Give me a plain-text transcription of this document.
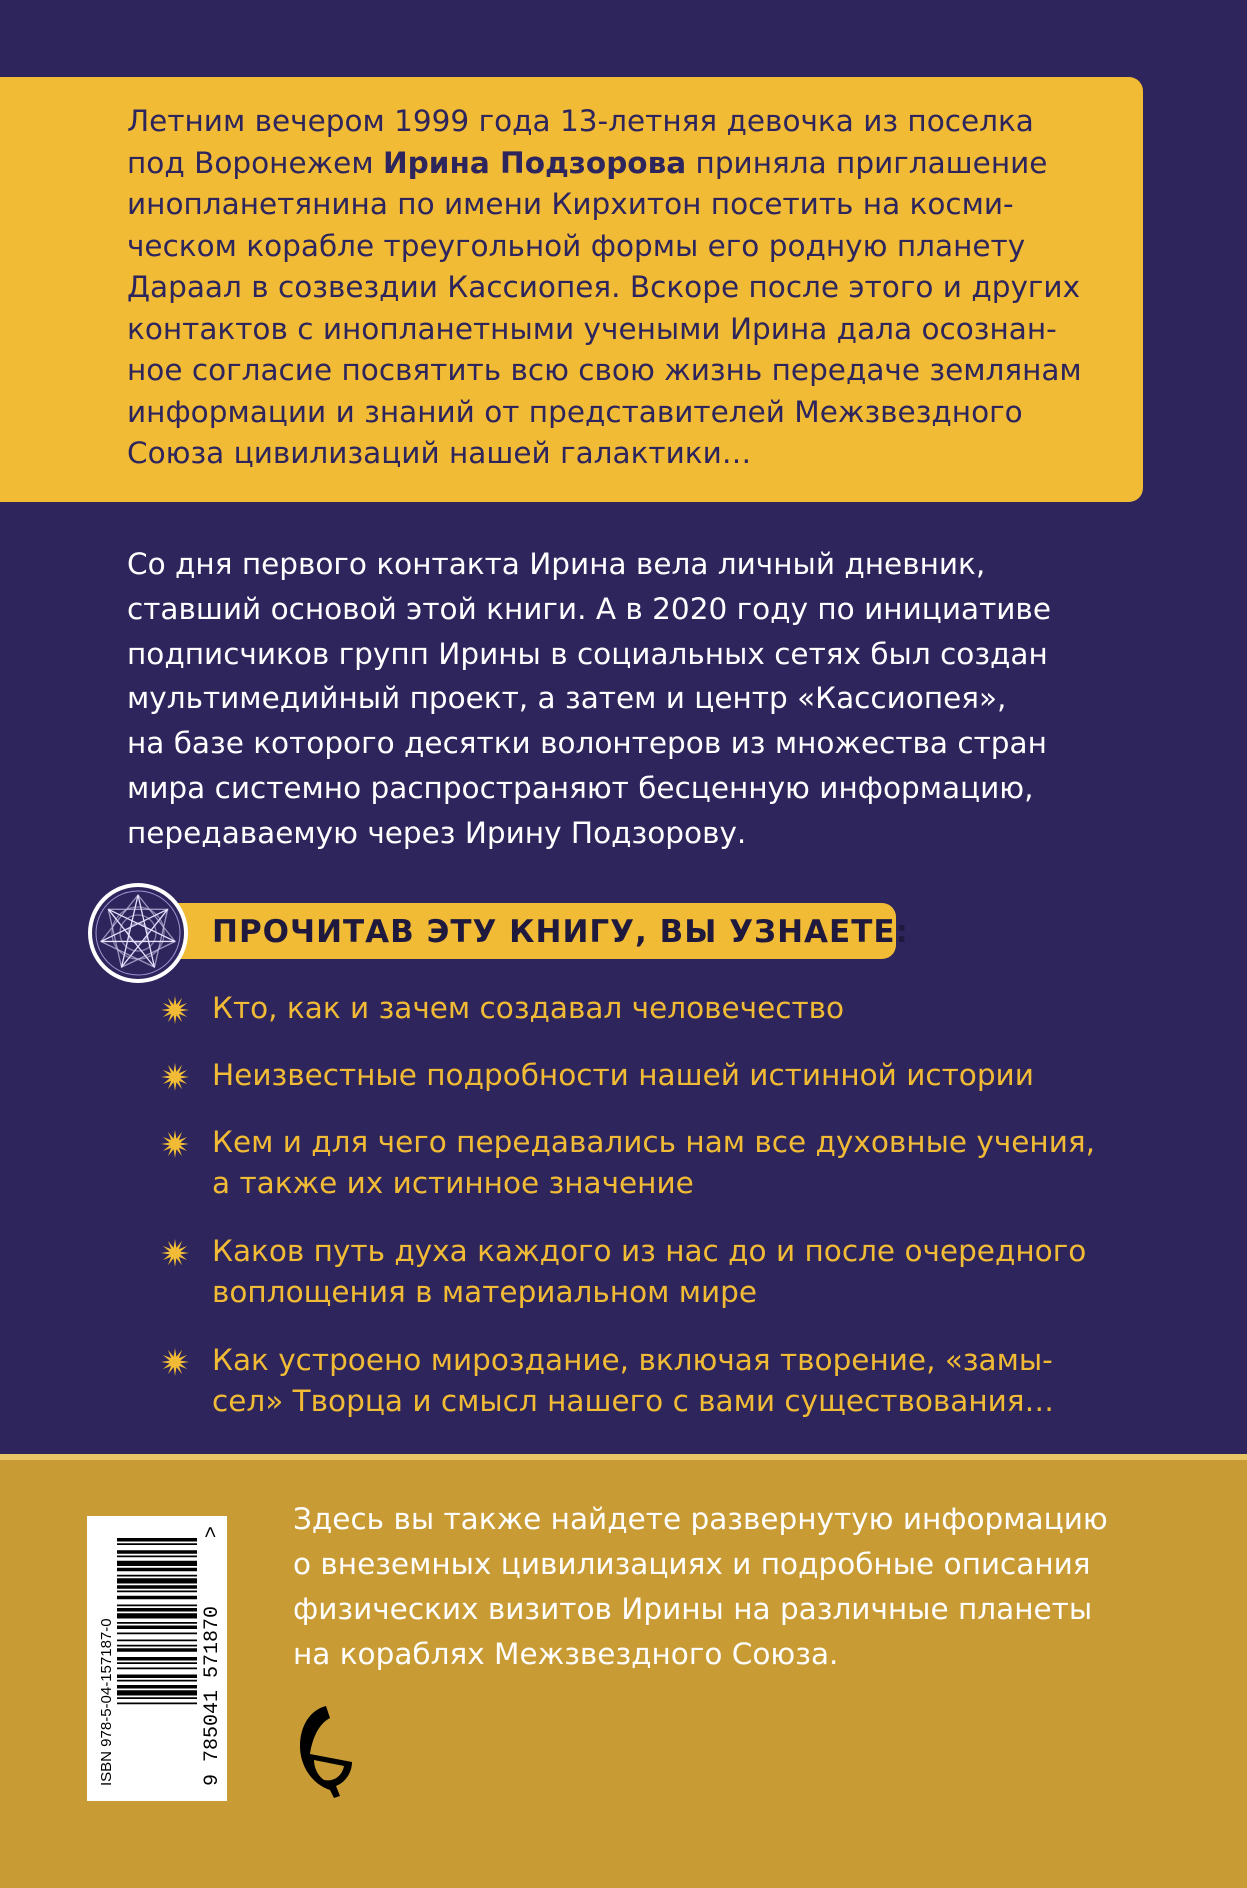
Летним вечером 1999 года 13-летняя девочка из поселка
под Воронежем Ирина Подзорова приняла приглашение
инопланетянина по имени Кирхитон посетить на косми-
ческом корабле треугольной формы его родную планету
Дараал в созвездии Кассиопея. Вскоре после этого и других
контактов с инопланетными учеными Ирина дала осознан-
ное согласие посвятить всю свою жизнь передаче землянам
информации и знаний от представителей Межзвездного
Союза цивилизаций нашей галактики…

Со дня первого контакта Ирина вела личный дневник,
ставший основой этой книги. А в 2020 году по инициативе
подписчиков групп Ирины в социальных сетях был создан
мультимедийный проект, а затем и центр «Кассиопея»,
на базе которого десятки волонтеров из множества стран
мира системно распространяют бесценную информацию,
передаваемую через Ирину Подзорову.

ПРОЧИТАВ ЭТУ КНИГУ, ВЫ УЗНАЕТЕ:
Кто, как и зачем создавал человечество
Неизвестные подробности нашей истинной истории
Кем и для чего передавались нам все духовные учения,
а также их истинное значение
Каков путь духа каждого из нас до и после очередного
воплощения в материальном мире
Как устроено мироздание, включая творение, «замы-
сел» Творца и смысл нашего с вами существования…
ISBN 978-5-04-157187-0	9 785041 571870
> Здесь вы также найдете развернутую информацию
о внеземных цивилизациях и подробные описания
физических визитов Ирины на различные планеты
на кораблях Межзвездного Союза.
